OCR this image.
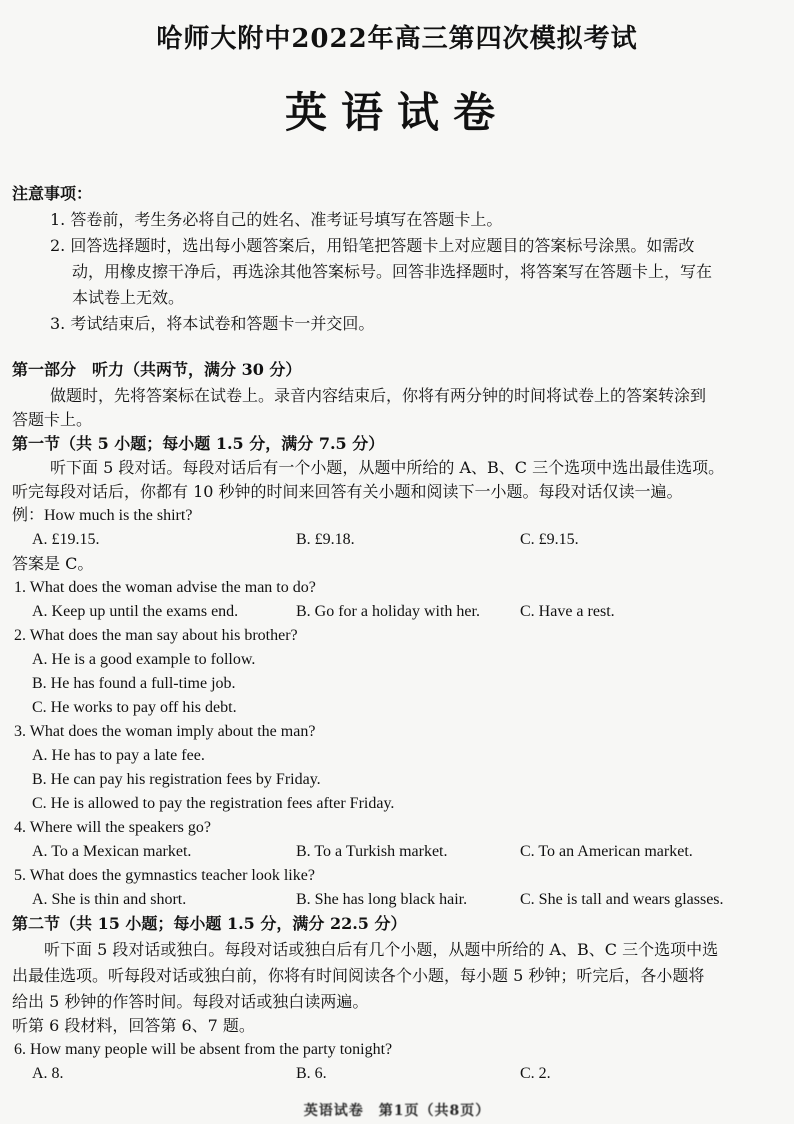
哈师大附中2022年高三第四次模拟考试
英语试卷
注意事项：
1. 答卷前，考生务必将自己的姓名、准考证号填写在答题卡上。
2. 回答选择题时，选出每小题答案后，用铅笔把答题卡上对应题目的答案标号涂黑。如需改
动，用橡皮擦干净后，再选涂其他答案标号。回答非选择题时，将答案写在答题卡上，写在
本试卷上无效。
3. 考试结束后，将本试卷和答题卡一并交回。
第一部分　听力（共两节，满分 30 分）
做题时，先将答案标在试卷上。录音内容结束后，你将有两分钟的时间将试卷上的答案转涂到
答题卡上。
第一节（共 5 小题；每小题 1.5 分，满分 7.5 分）
听下面 5 段对话。每段对话后有一个小题，从题中所给的 A、B、C 三个选项中选出最佳选项。
听完每段对话后，你都有 10 秒钟的时间来回答有关小题和阅读下一小题。每段对话仅读一遍。
例：How much is the shirt?
A. £19.15.	B. £9.18.	C. £9.15.
答案是 C。
1. What does the woman advise the man to do?
A. Keep up until the exams end.	B. Go for a holiday with her.	C. Have a rest.
2. What does the man say about his brother?
A. He is a good example to follow.
B. He has found a full-time job.
C. He works to pay off his debt.
3. What does the woman imply about the man?
A. He has to pay a late fee.
B. He can pay his registration fees by Friday.
C. He is allowed to pay the registration fees after Friday.
4. Where will the speakers go?
A. To a Mexican market.	B. To a Turkish market.	C. To an American market.
5. What does the gymnastics teacher look like?
A. She is thin and short.	B. She has long black hair.	C. She is tall and wears glasses.
第二节（共 15 小题；每小题 1.5 分，满分 22.5 分）
听下面 5 段对话或独白。每段对话或独白后有几个小题，从题中所给的 A、B、C 三个选项中选
出最佳选项。听每段对话或独白前，你将有时间阅读各个小题，每小题 5 秒钟；听完后，各小题将
给出 5 秒钟的作答时间。每段对话或独白读两遍。
听第 6 段材料，回答第 6、7 题。
6. How many people will be absent from the party tonight?
A. 8.	B. 6.	C. 2.
英语试卷　第1页（共8页）
